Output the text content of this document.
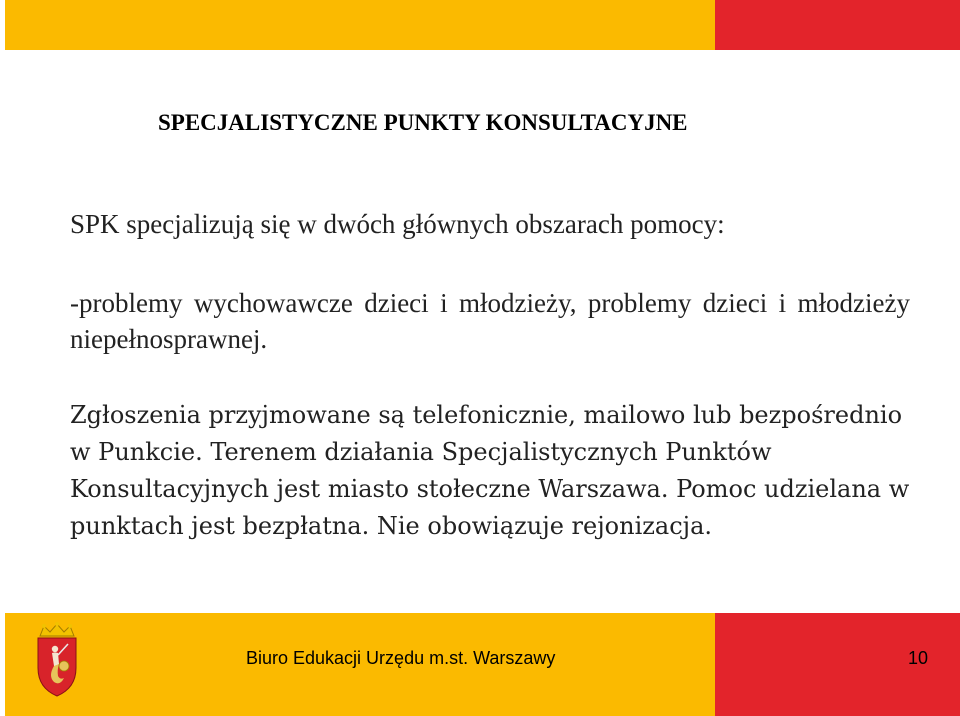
SPECJALISTYCZNE PUNKTY KONSULTACYJNE
SPK specjalizują się w dwóch głównych obszarach pomocy:
-problemy wychowawcze dzieci i młodzieży, problemy dzieci i młodzieży niepełnosprawnej.
Zgłoszenia przyjmowane są telefonicznie, mailowo lub bezpośrednio w Punkcie. Terenem działania Specjalistycznych Punktów Konsultacyjnych jest miasto stołeczne Warszawa. Pomoc udzielana w punktach jest bezpłatna. Nie obowiązuje rejonizacja.
Biuro Edukacji Urzędu m.st. Warszawy	10
